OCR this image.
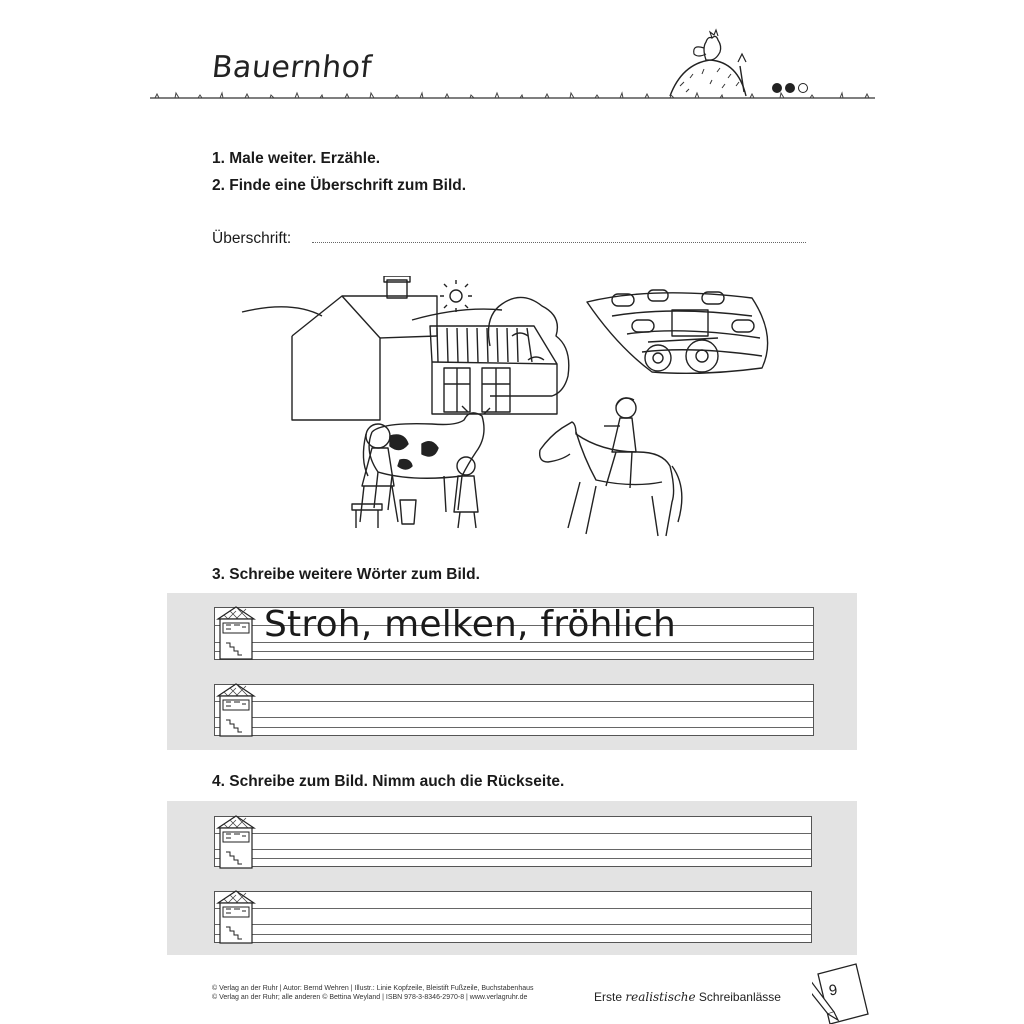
Bauernhof
1. Male weiter. Erzähle.
2. Finde eine Überschrift zum Bild.
Überschrift:
3. Schreibe weitere Wörter zum Bild.
Stroh, melken, fröhlich
4. Schreibe zum Bild. Nimm auch die Rückseite.
© Verlag an der Ruhr | Autor: Bernd Wehren | Illustr.: Linie Kopfzeile, Bleistift Fußzeile, Buchstabenhaus
© Verlag an der Ruhr; alle anderen © Bettina Weyland | ISBN 978-3-8346-2970-8 | www.verlagruhr.de	Erste realistische Schreibanlässe	9
